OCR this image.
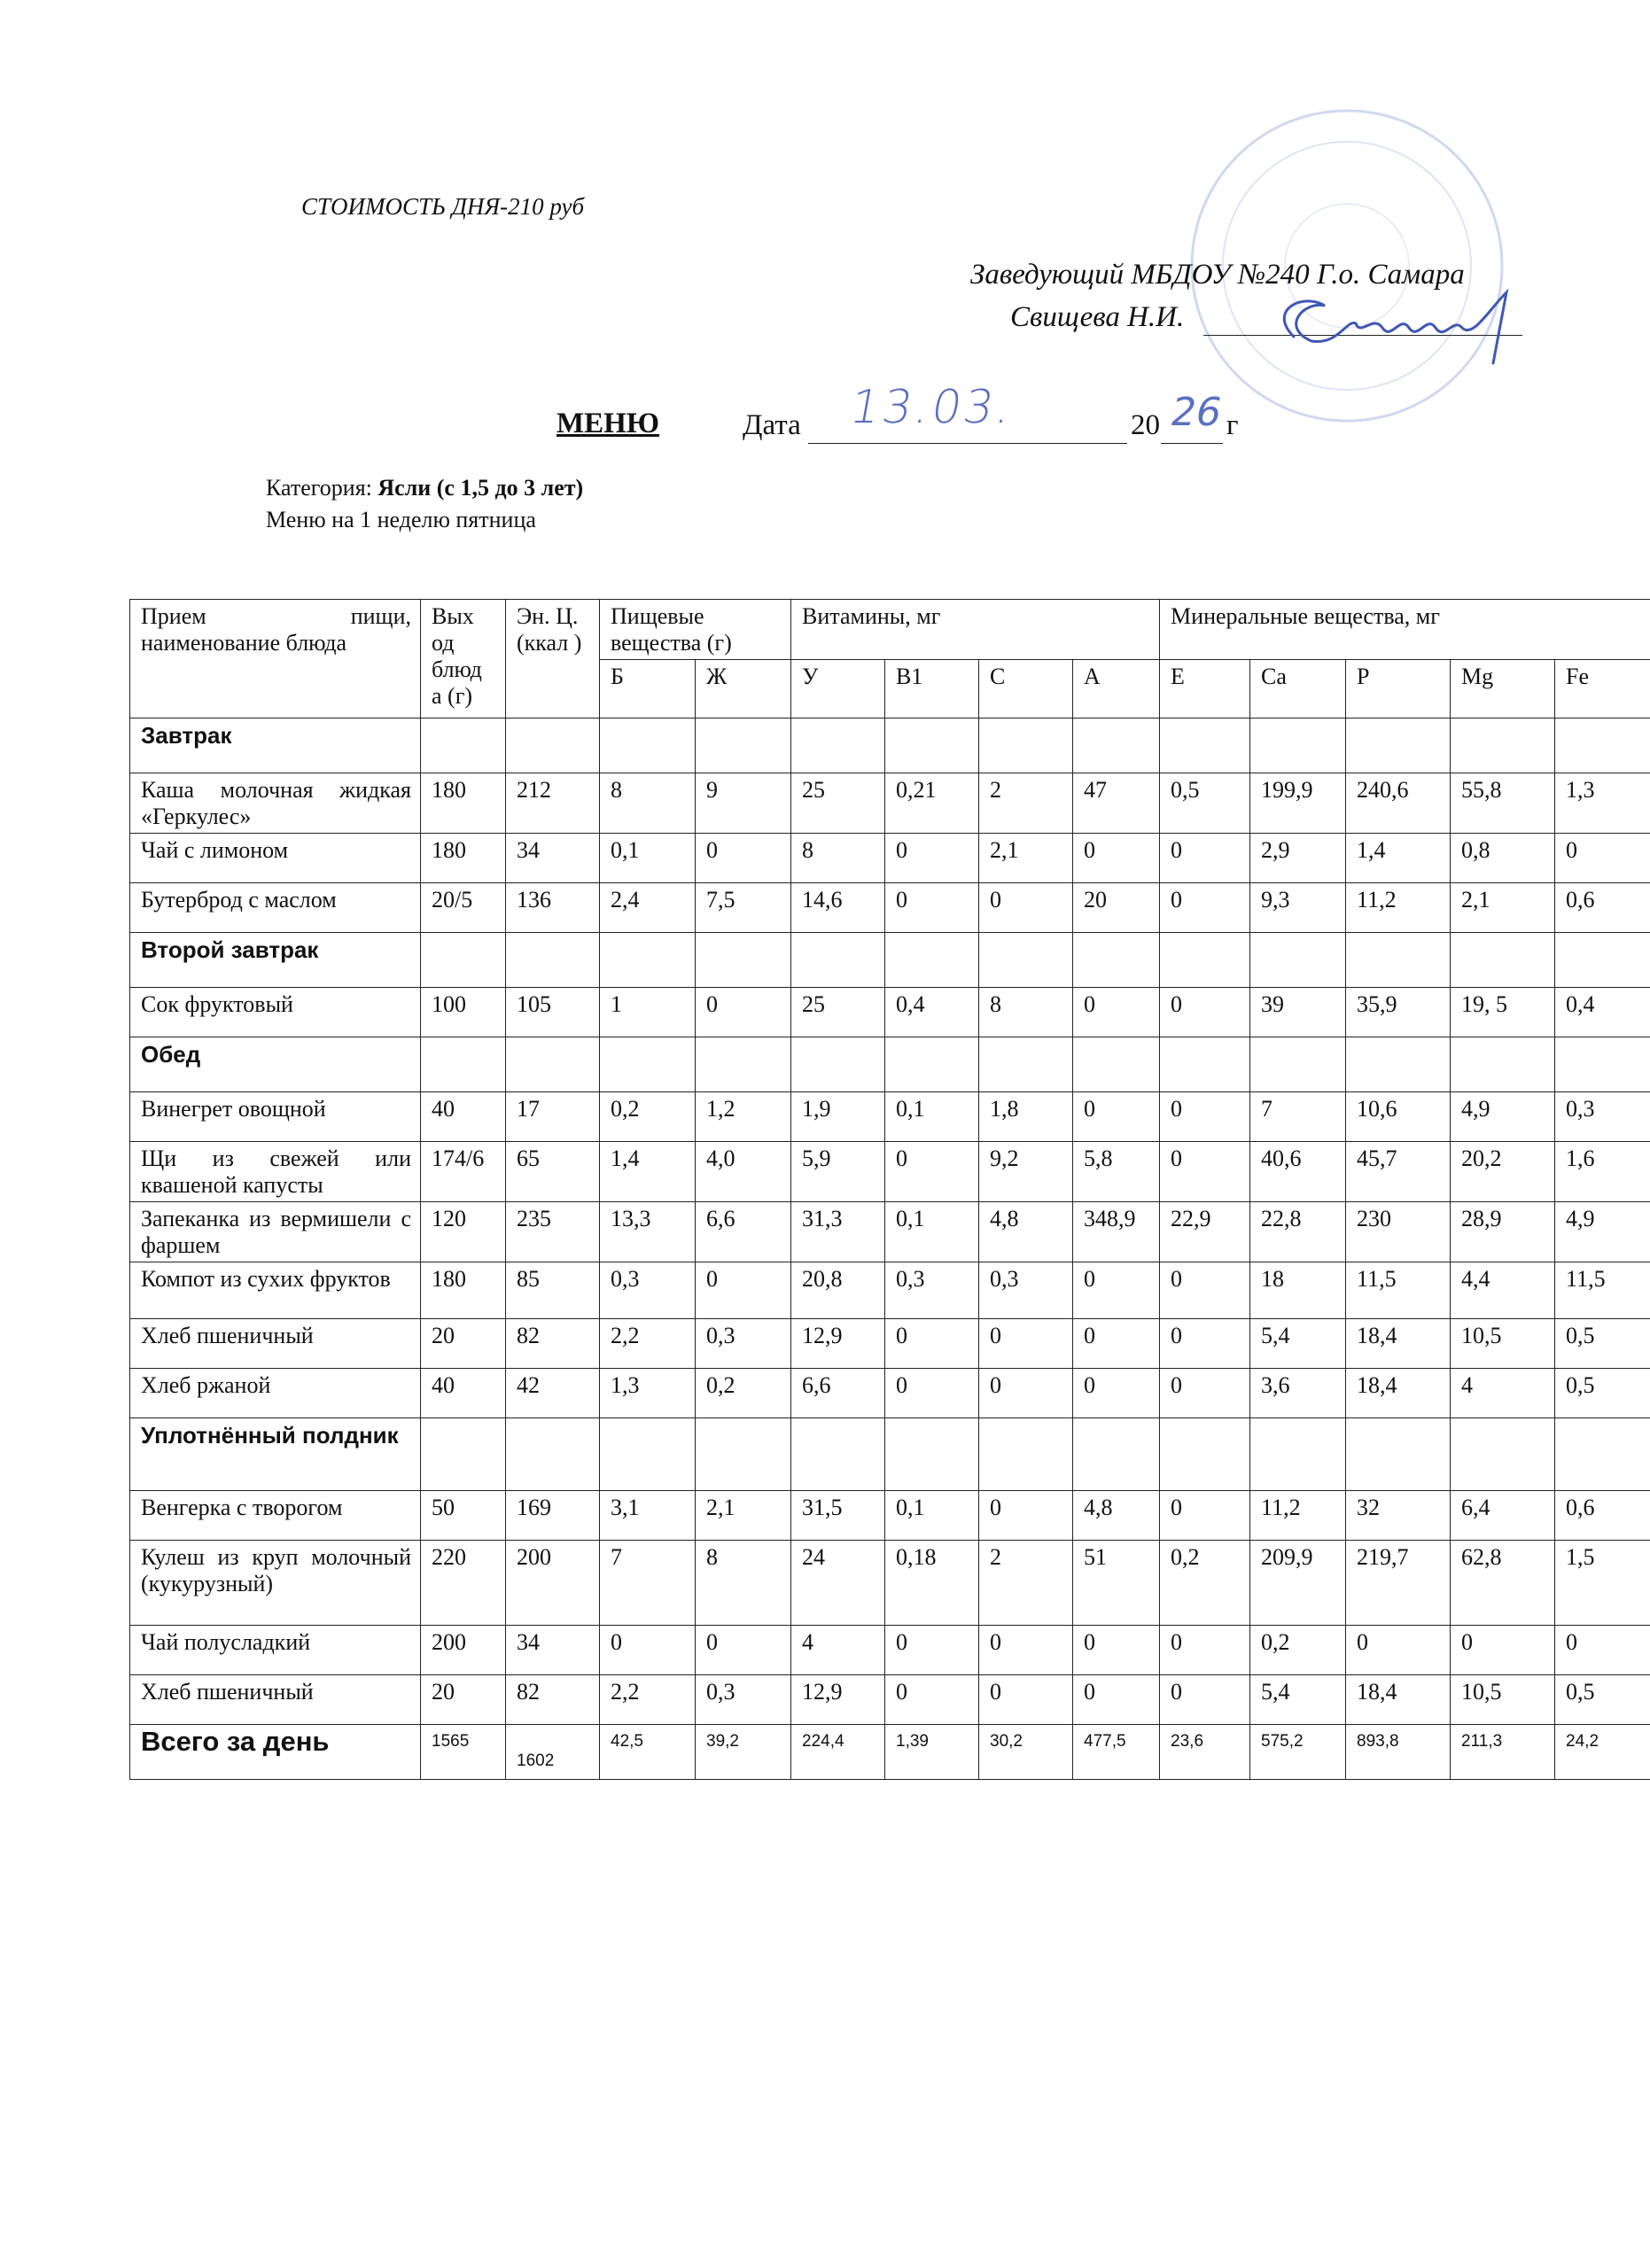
СТОИМОСТЬ ДНЯ-210 руб
Заведующий МБДОУ №240 Г.о. Самара
Свищева Н.И.
МЕНЮ	Дата 13.03.	20 26 г
Категория: Ясли (с 1,5 до 3 лет)
Меню на 1 неделю пятница
Прием пищи, наименование блюда	Вых од блюд а (г)	Эн. Ц. (ккал )	Пищевые вещества (г)		Витамины, мг				Минеральные вещества, мг				
			Б	Ж	У	B1	C	A	E	Ca	P	Mg	Fe
Завтрак													
Каша молочная жидкая «Геркулес»	180	212	8	9	25	0,21	2	47	0,5	199,9	240,6	55,8	1,3
Чай с лимоном	180	34	0,1	0	8	0	2,1	0	0	2,9	1,4	0,8	0
Бутерброд с маслом	20/5	136	2,4	7,5	14,6	0	0	20	0	9,3	11,2	2,1	0,6
Второй завтрак													
Сок фруктовый	100	105	1	0	25	0,4	8	0	0	39	35,9	19, 5	0,4
Обед													
Винегрет овощной	40	17	0,2	1,2	1,9	0,1	1,8	0	0	7	10,6	4,9	0,3
Щи из свежей или квашеной капусты	174/6	65	1,4	4,0	5,9	0	9,2	5,8	0	40,6	45,7	20,2	1,6
Запеканка из вермишели с фаршем	120	235	13,3	6,6	31,3	0,1	4,8	348,9	22,9	22,8	230	28,9	4,9
Компот из сухих фруктов	180	85	0,3	0	20,8	0,3	0,3	0	0	18	11,5	4,4	11,5
Хлеб пшеничный	20	82	2,2	0,3	12,9	0	0	0	0	5,4	18,4	10,5	0,5
Хлеб ржаной	40	42	1,3	0,2	6,6	0	0	0	0	3,6	18,4	4	0,5
Уплотнённый полдник													
Венгерка с творогом	50	169	3,1	2,1	31,5	0,1	0	4,8	0	11,2	32	6,4	0,6
Кулеш из круп молочный (кукурузный)	220	200	7	8	24	0,18	2	51	0,2	209,9	219,7	62,8	1,5
Чай полусладкий	200	34	0	0	4	0	0	0	0	0,2	0	0	0
Хлеб пшеничный	20	82	2,2	0,3	12,9	0	0	0	0	5,4	18,4	10,5	0,5
Всего за день	1565	1602	42,5	39,2	224,4	1,39	30,2	477,5	23,6	575,2	893,8	211,3	24,2
